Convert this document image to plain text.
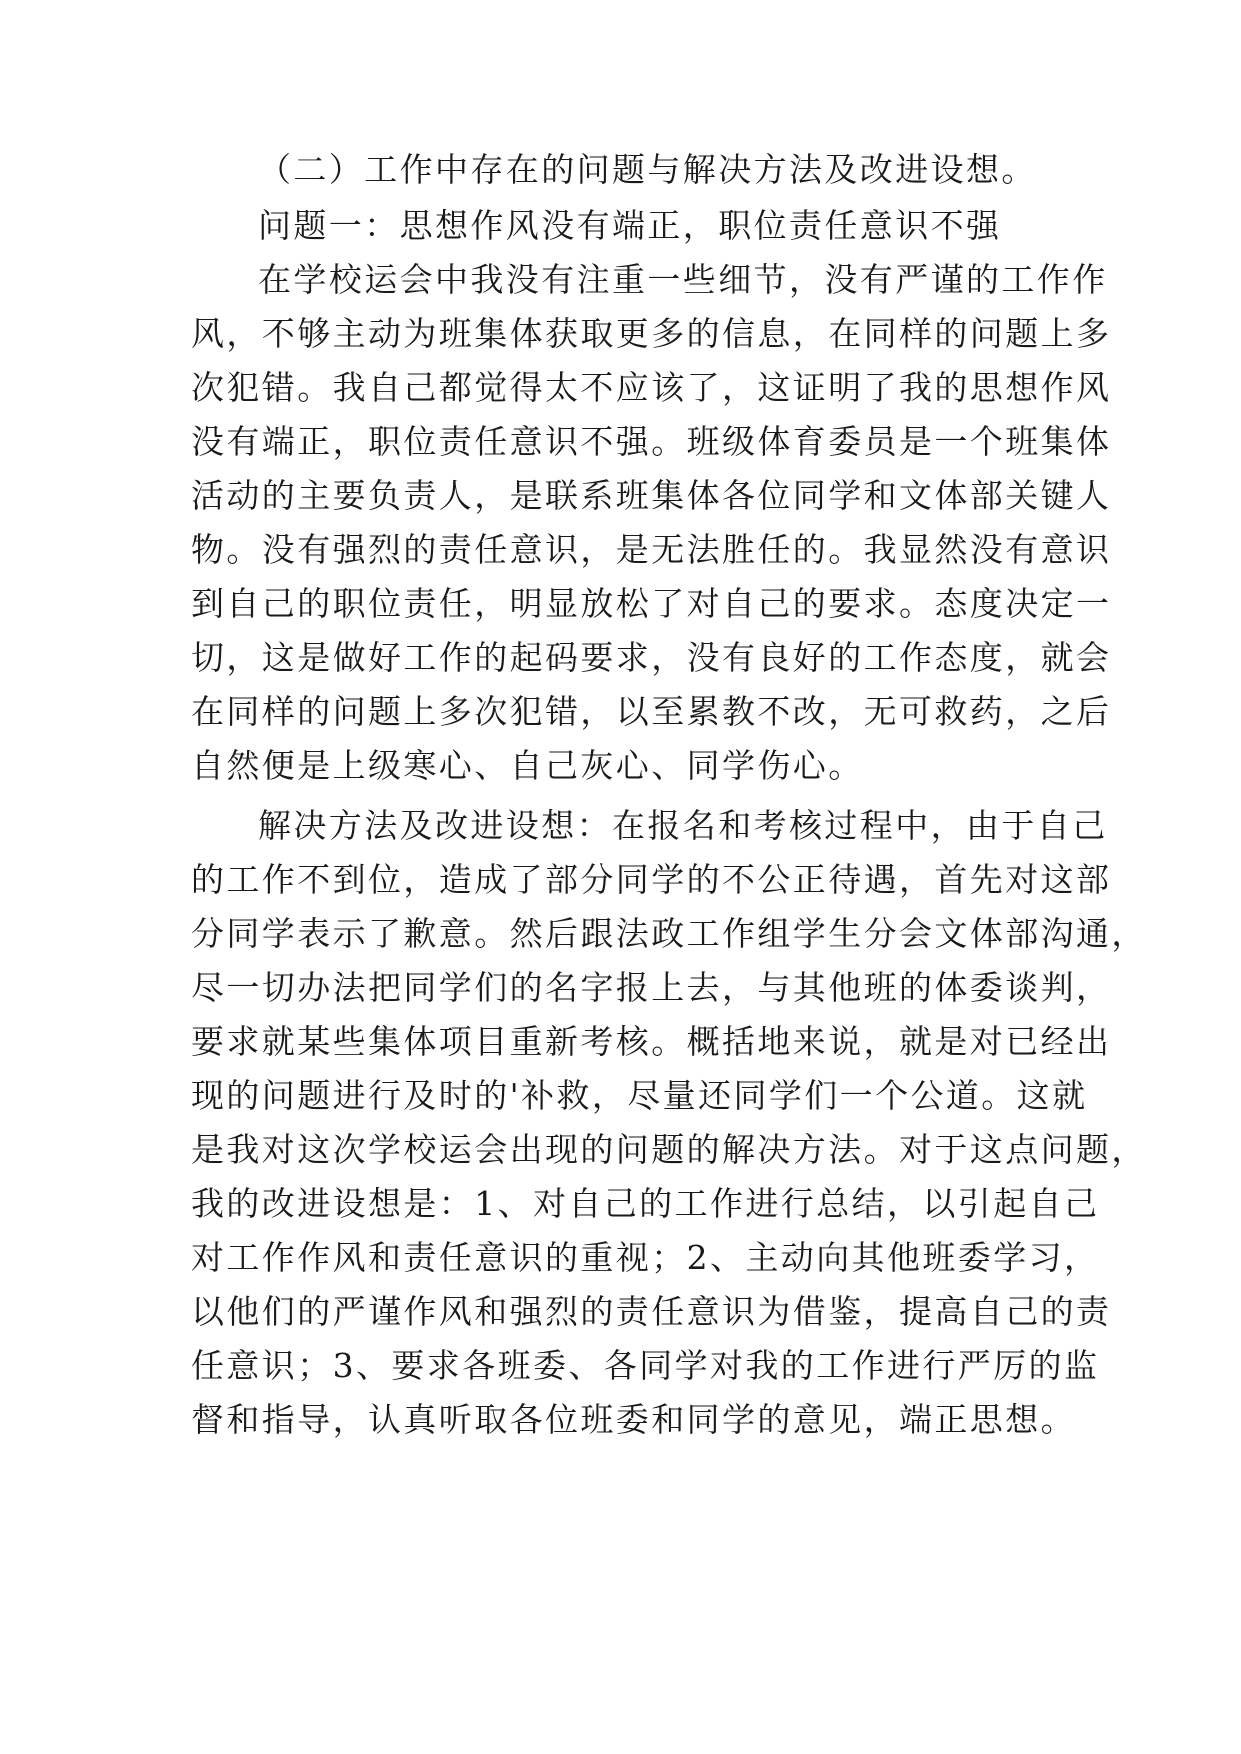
（二）工作中存在的问题与解决方法及改进设想。
问题一：思想作风没有端正，职位责任意识不强
在学校运会中我没有注重一些细节，没有严谨的工作作
风，不够主动为班集体获取更多的信息，在同样的问题上多
次犯错。我自己都觉得太不应该了，这证明了我的思想作风
没有端正，职位责任意识不强。班级体育委员是一个班集体
活动的主要负责人，是联系班集体各位同学和文体部关键人
物。没有强烈的责任意识，是无法胜任的。我显然没有意识
到自己的职位责任，明显放松了对自己的要求。态度决定一
切，这是做好工作的起码要求，没有良好的工作态度，就会
在同样的问题上多次犯错，以至累教不改，无可救药，之后
自然便是上级寒心、自己灰心、同学伤心。
解决方法及改进设想：在报名和考核过程中，由于自己
的工作不到位，造成了部分同学的不公正待遇，首先对这部
分同学表示了歉意。然后跟法政工作组学生分会文体部沟通，
尽一切办法把同学们的名字报上去，与其他班的体委谈判，
要求就某些集体项目重新考核。概括地来说，就是对已经出
现的问题进行及时的'补救，尽量还同学们一个公道。这就
是我对这次学校运会出现的问题的解决方法。对于这点问题，
我的改进设想是：1、对自己的工作进行总结，以引起自己
对工作作风和责任意识的重视；2、主动向其他班委学习，
以他们的严谨作风和强烈的责任意识为借鉴，提高自己的责
任意识；3、要求各班委、各同学对我的工作进行严厉的监
督和指导，认真听取各位班委和同学的意见，端正思想。
